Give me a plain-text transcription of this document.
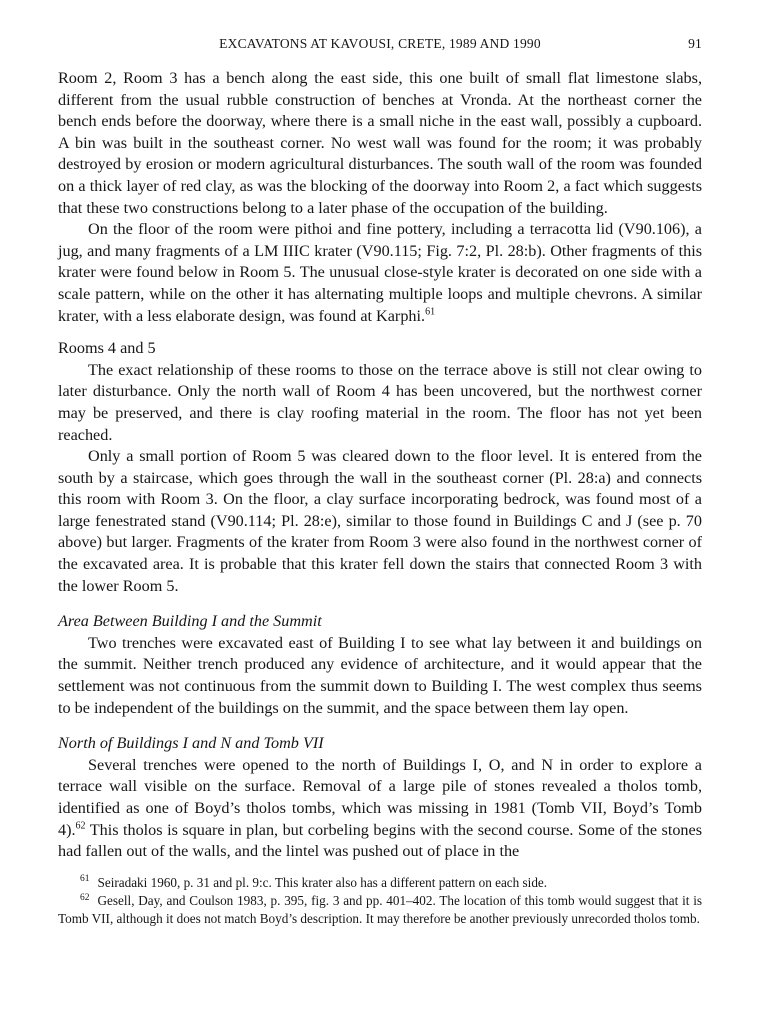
EXCAVATONS AT KAVOUSI, CRETE, 1989 AND 1990	91

Room 2, Room 3 has a bench along the east side, this one built of small flat limestone slabs, different from the usual rubble construction of benches at Vronda. At the northeast corner the bench ends before the doorway, where there is a small niche in the east wall, possibly a cupboard. A bin was built in the southeast corner. No west wall was found for the room; it was probably destroyed by erosion or modern agricultural disturbances. The south wall of the room was founded on a thick layer of red clay, as was the blocking of the doorway into Room 2, a fact which suggests that these two constructions belong to a later phase of the occupation of the building.

On the floor of the room were pithoi and fine pottery, including a terracotta lid (V90.106), a jug, and many fragments of a LM IIIC krater (V90.115; Fig. 7:2, Pl. 28:b). Other fragments of this krater were found below in Room 5. The unusual close-style krater is decorated on one side with a scale pattern, while on the other it has alternating multiple loops and multiple chevrons. A similar krater, with a less elaborate design, was found at Karphi.$^{61}$

Rooms 4 and 5

The exact relationship of these rooms to those on the terrace above is still not clear owing to later disturbance. Only the north wall of Room 4 has been uncovered, but the northwest corner may be preserved, and there is clay roofing material in the room. The floor has not yet been reached.

Only a small portion of Room 5 was cleared down to the floor level. It is entered from the south by a staircase, which goes through the wall in the southeast corner (Pl. 28:a) and connects this room with Room 3. On the floor, a clay surface incorporating bedrock, was found most of a large fenestrated stand (V90.114; Pl. 28:e), similar to those found in Buildings C and J (see p. 70 above) but larger. Fragments of the krater from Room 3 were also found in the northwest corner of the excavated area. It is probable that this krater fell down the stairs that connected Room 3 with the lower Room 5.

Area Between Building I and the Summit

Two trenches were excavated east of Building I to see what lay between it and buildings on the summit. Neither trench produced any evidence of architecture, and it would appear that the settlement was not continuous from the summit down to Building I. The west complex thus seems to be independent of the buildings on the summit, and the space between them lay open.

North of Buildings I and N and Tomb VII

Several trenches were opened to the north of Buildings I, O, and N in order to explore a terrace wall visible on the surface. Removal of a large pile of stones revealed a tholos tomb, identified as one of Boyd’s tholos tombs, which was missing in 1981 (Tomb VII, Boyd’s Tomb 4).$^{62}$ This tholos is square in plan, but corbeling begins with the second course. Some of the stones had fallen out of the walls, and the lintel was pushed out of place in the

$^{61}$ Seiradaki 1960, p. 31 and pl. 9:c. This krater also has a different pattern on each side.

$^{62}$ Gesell, Day, and Coulson 1983, p. 395, fig. 3 and pp. 401–402. The location of this tomb would suggest that it is Tomb VII, although it does not match Boyd’s description. It may therefore be another previously unrecorded tholos tomb.
